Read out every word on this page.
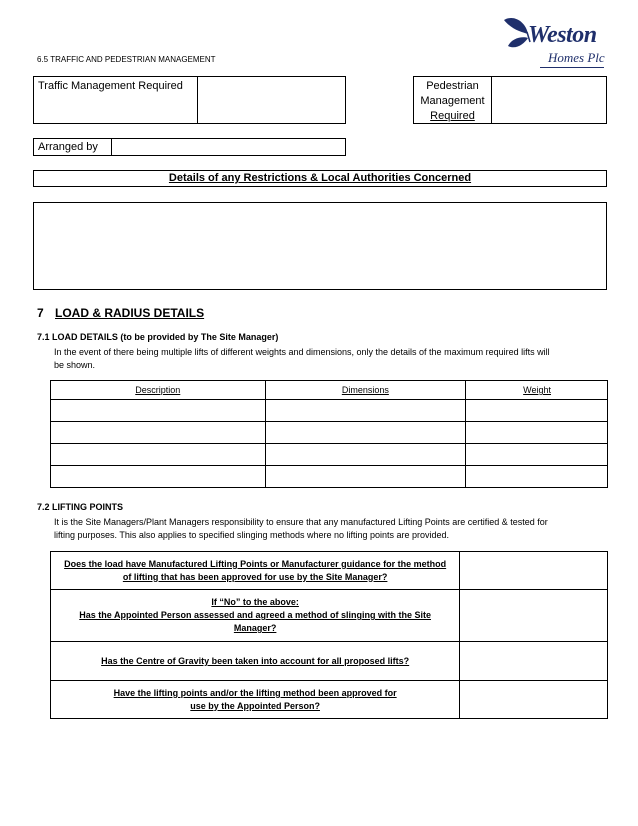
Weston
Homes Plc
6.5 TRAFFIC AND PEDESTRIAN MANAGEMENT
Traffic Management Required	Pedestrian
Management
Required
Arranged by
Details of any Restrictions & Local Authorities Concerned
7 LOAD & RADIUS DETAILS
7.1 LOAD DETAILS (to be provided by The Site Manager)
In the event of there being multiple lifts of different weights and dimensions, only the details of the maximum required lifts will
be shown.
Description	Dimensions	Weight

7.2 LIFTING POINTS
It is the Site Managers/Plant Managers responsibility to ensure that any manufactured Lifting Points are certified & tested for
lifting purposes. This also applies to specified slinging methods where no lifting points are provided.
Does the load have Manufactured Lifting Points or Manufacturer guidance for the method
of lifting that has been approved for use by the Site Manager?	

If “No” to the above:
Has the Appointed Person assessed and agreed a method of slinging with the Site
Manager?	

Has the Centre of Gravity been taken into account for all proposed lifts?	

Have the lifting points and/or the lifting method been approved for
use by the Appointed Person?	
